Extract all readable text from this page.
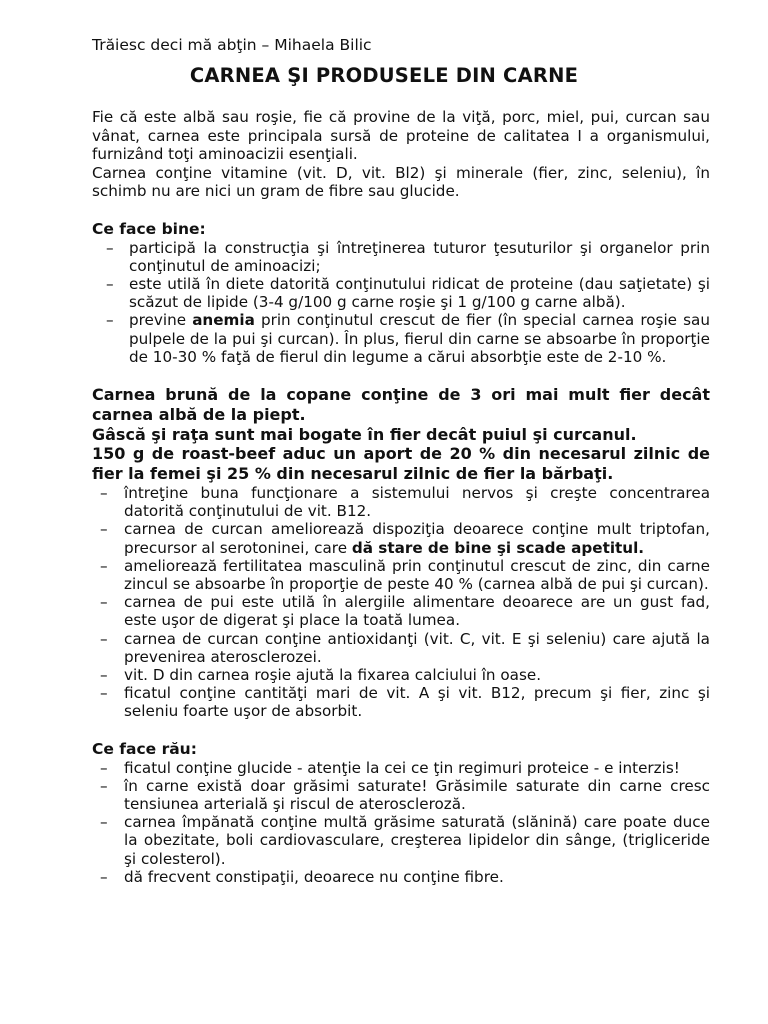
Trăiesc deci mă abţin – Mihaela Bilic
CARNEA ŞI PRODUSELE DIN CARNE

Fie că este albă sau roşie, fie că provine de la viţă, porc, miel, pui, curcan sau vânat, carnea este principala sursă de proteine de calitatea I a organismului, furnizând toţi aminoacizii esenţiali.

Carnea conţine vitamine (vit. D, vit. Bl2) şi minerale (fier, zinc, seleniu), în schimb nu are nici un gram de fibre sau glucide.

Ce face bine:
– participă la construcţia şi întreţinerea tuturor ţesuturilor şi organelor prin conţinutul de aminoacizi;
– este utilă în diete datorită conţinutului ridicat de proteine (dau saţietate) şi scăzut de lipide (3-4 g/100 g carne roşie şi 1 g/100 g carne albă).
– previne anemia prin conţinutul crescut de fier (în special carnea roşie sau pulpele de la pui şi curcan). În plus, fierul din carne se absoarbe în proporţie de 10-30 % faţă de fierul din legume a cărui absorbţie este de 2-10 %.

Carnea brună de la copane conţine de 3 ori mai mult fier decât carnea albă de la piept.

Gâscă şi raţa sunt mai bogate în fier decât puiul şi curcanul.

150 g de roast-beef aduc un aport de 20 % din necesarul zilnic de fier la femei şi 25 % din necesarul zilnic de fier la bărbaţi.

– întreţine buna funcţionare a sistemului nervos şi creşte concentrarea datorită conţinutului de vit. B12.
– carnea de curcan ameliorează dispoziţia deoarece conţine mult triptofan, precursor al serotoninei, care dă stare de bine şi scade apetitul.
– ameliorează fertilitatea masculină prin conţinutul crescut de zinc, din carne zincul se absoarbe în proporţie de peste 40 % (carnea albă de pui şi curcan).
– carnea de pui este utilă în alergiile alimentare deoarece are un gust fad, este uşor de digerat şi place la toată lumea.
– carnea de curcan conţine antioxidanţi (vit. C, vit. E şi seleniu) care ajută la prevenirea aterosclerozei.
– vit. D din carnea roşie ajută la fixarea calciului în oase.
– ficatul conţine cantităţi mari de vit. A şi vit. B12, precum şi fier, zinc şi seleniu foarte uşor de absorbit.
Ce face rău:
– ficatul conţine glucide - atenţie la cei ce ţin regimuri proteice - e interzis!
– în carne există doar grăsimi saturate! Grăsimile saturate din carne cresc tensiunea arterială şi riscul de ateroscleroză.
– carnea împănată conţine multă grăsime saturată (slănină) care poate duce la obezitate, boli cardiovasculare, creşterea lipidelor din sânge, (trigliceride şi colesterol).
– dă frecvent constipaţii, deoarece nu conţine fibre.
